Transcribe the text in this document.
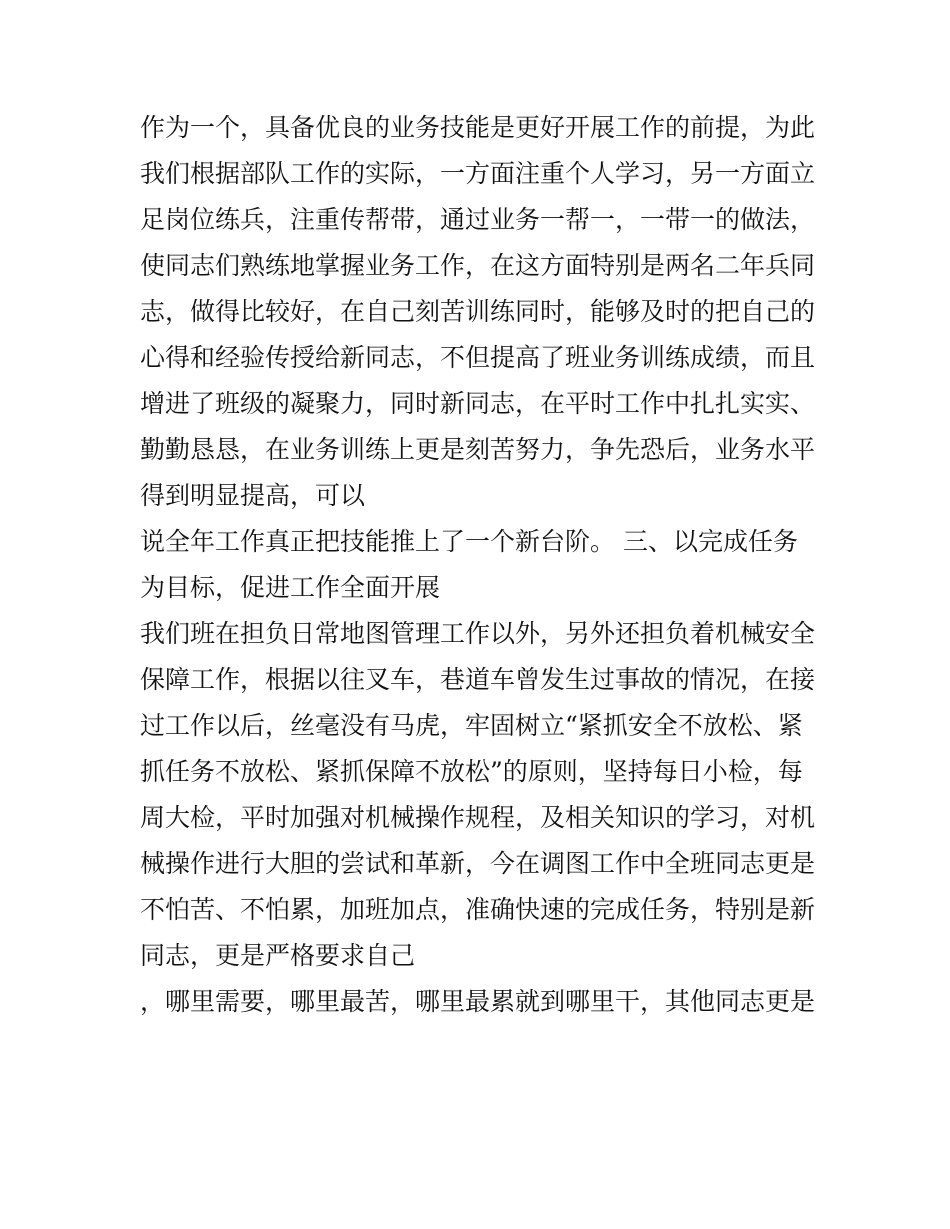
作为一个，具备优良的业务技能是更好开展工作的前提，为此
我们根据部队工作的实际，一方面注重个人学习，另一方面立
足岗位练兵，注重传帮带，通过业务一帮一，一带一的做法，
使同志们熟练地掌握业务工作，在这方面特别是两名二年兵同
志，做得比较好，在自己刻苦训练同时，能够及时的把自己的
心得和经验传授给新同志，不但提高了班业务训练成绩，而且
增进了班级的凝聚力，同时新同志，在平时工作中扎扎实实、
勤勤恳恳，在业务训练上更是刻苦努力，争先恐后，业务水平
得到明显提高，可以
说全年工作真正把技能推上了一个新台阶。 三、以完成任务
为目标，促进工作全面开展
我们班在担负日常地图管理工作以外，另外还担负着机械安全
保障工作，根据以往叉车，巷道车曾发生过事故的情况，在接
过工作以后，丝毫没有马虎，牢固树立“紧抓安全不放松、紧
抓任务不放松、紧抓保障不放松”的原则，坚持每日小检，每
周大检，平时加强对机械操作规程，及相关知识的学习，对机
械操作进行大胆的尝试和革新，今在调图工作中全班同志更是
不怕苦、不怕累，加班加点，准确快速的完成任务，特别是新
同志，更是严格要求自己
，哪里需要，哪里最苦，哪里最累就到哪里干，其他同志更是
